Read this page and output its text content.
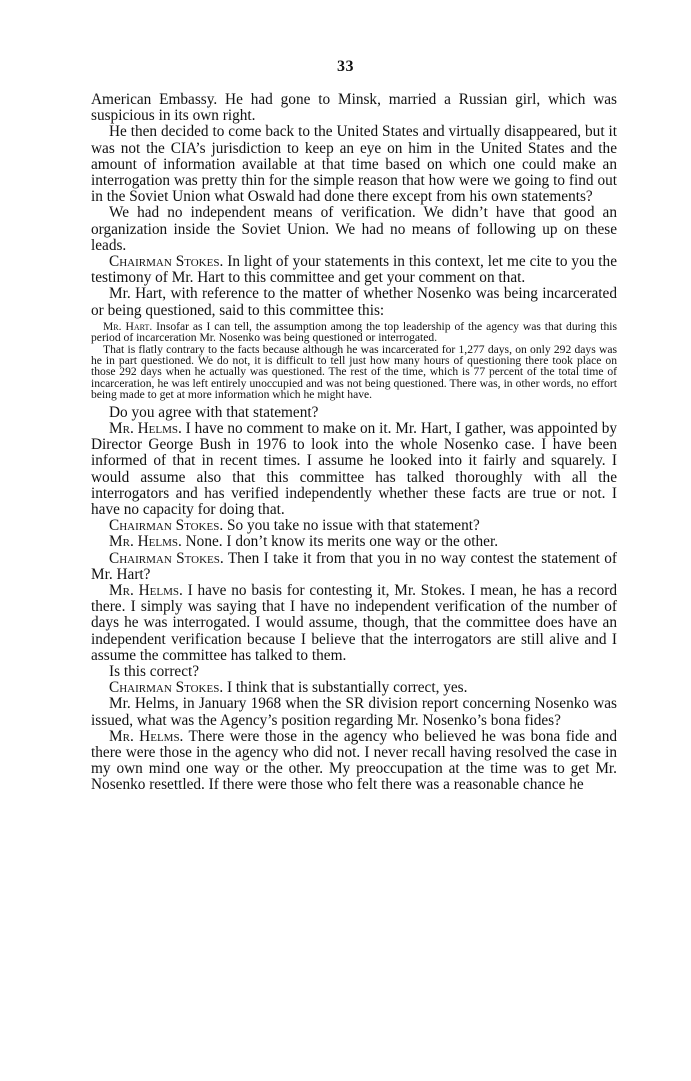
33

American Embassy. He had gone to Minsk, married a Russian girl, which was suspicious in its own right.

He then decided to come back to the United States and virtually disappeared, but it was not the CIA’s jurisdiction to keep an eye on him in the United States and the amount of information available at that time based on which one could make an interrogation was pretty thin for the simple reason that how were we going to find out in the Soviet Union what Oswald had done there except from his own statements?

We had no independent means of verification. We didn’t have that good an organization inside the Soviet Union. We had no means of following up on these leads.

Chairman Stokes. In light of your statements in this context, let me cite to you the testimony of Mr. Hart to this committee and get your comment on that.

Mr. Hart, with reference to the matter of whether Nosenko was being incarcerated or being questioned, said to this committee this:

Mr. Hart. Insofar as I can tell, the assumption among the top leadership of the agency was that during this period of incarceration Mr. Nosenko was being questioned or interrogated.

That is flatly contrary to the facts because although he was incarcerated for 1,277 days, on only 292 days was he in part questioned. We do not, it is difficult to tell just how many hours of questioning there took place on those 292 days when he actually was questioned. The rest of the time, which is 77 percent of the total time of incarceration, he was left entirely unoccupied and was not being questioned. There was, in other words, no effort being made to get at more information which he might have.

Do you agree with that statement?

Mr. Helms. I have no comment to make on it. Mr. Hart, I gather, was appointed by Director George Bush in 1976 to look into the whole Nosenko case. I have been informed of that in recent times. I assume he looked into it fairly and squarely. I would assume also that this committee has talked thoroughly with all the interrogators and has verified independently whether these facts are true or not. I have no capacity for doing that.

Chairman Stokes. So you take no issue with that statement?

Mr. Helms. None. I don’t know its merits one way or the other.

Chairman Stokes. Then I take it from that you in no way contest the statement of Mr. Hart?

Mr. Helms. I have no basis for contesting it, Mr. Stokes. I mean, he has a record there. I simply was saying that I have no independent verification of the number of days he was interrogated. I would assume, though, that the committee does have an independent verification because I believe that the interrogators are still alive and I assume the committee has talked to them.

Is this correct?

Chairman Stokes. I think that is substantially correct, yes.

Mr. Helms, in January 1968 when the SR division report concerning Nosenko was issued, what was the Agency’s position regarding Mr. Nosenko’s bona fides?

Mr. Helms. There were those in the agency who believed he was bona fide and there were those in the agency who did not. I never recall having resolved the case in my own mind one way or the other. My preoccupation at the time was to get Mr. Nosenko resettled. If there were those who felt there was a reasonable chance he
